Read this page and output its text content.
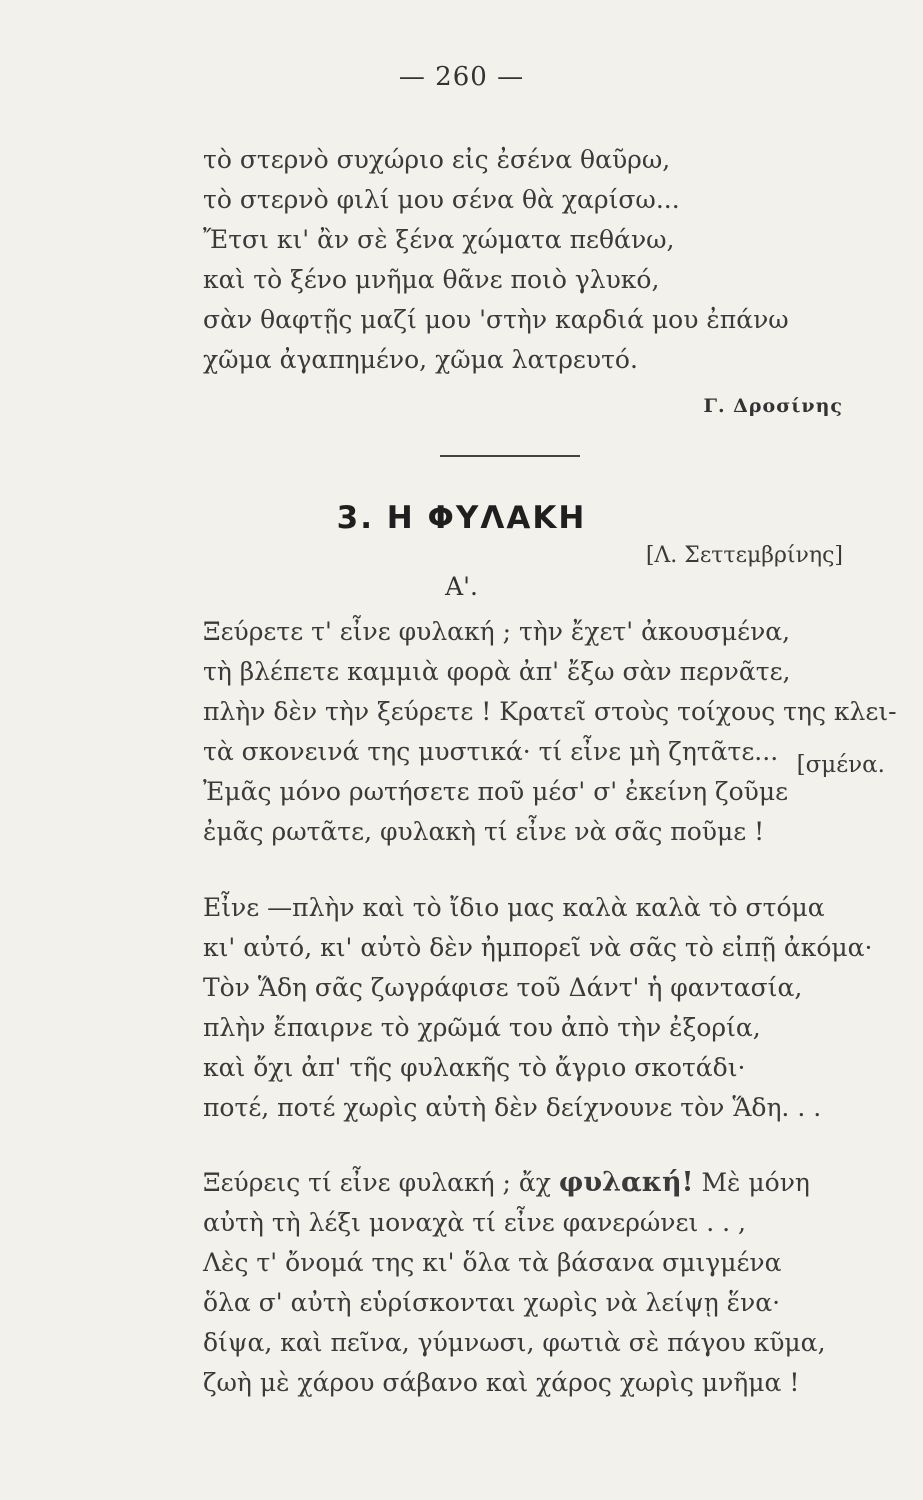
— 260 —
τὸ στερνὸ συχώριο εἰς ἐσένα θαῦρω,
τὸ στερνὸ φιλί μου σένα θὰ χαρίσω...
Ἔτσι κι' ἂν σὲ ξένα χώματα πεθάνω,
καὶ τὸ ξένο μνῆμα θᾶνε ποιὸ γλυκό,
σὰν θαφτῇς μαζί μου 'στὴν καρδιά μου ἐπάνω
χῶμα ἀγαπημένο, χῶμα λατρευτό.
Γ. Δροσίνης
3. Η ΦΥΛΑΚΗ
[Λ. Σεττεμβρίνης]
Α'.
Ξεύρετε τ' εἶνε φυλακή ; τὴν ἔχετ' ἀκουσμένα,
τὴ βλέπετε καμμιὰ φορὰ ἀπ' ἔξω σὰν περνᾶτε,
πλὴν δὲν τὴν ξεύρετε ! Κρατεῖ στοὺς τοίχους της κλει-
τὰ σκονεινά της μυστικά· τί εἶνε μὴ ζητᾶτε...
Ἐμᾶς μόνο ρωτήσετε ποῦ μέσ' σ' ἐκείνη ζοῦμε
ἐμᾶς ρωτᾶτε, φυλακὴ τί εἶνε νὰ σᾶς ποῦμε !
[σμένα.
Εἶνε —πλὴν καὶ τὸ ἴδιο μας καλὰ καλὰ τὸ στόμα
κι' αὐτό, κι' αὐτὸ δὲν ἠμπορεῖ νὰ σᾶς τὸ εἰπῇ ἀκόμα·
Τὸν Ἅδη σᾶς ζωγράφισε τοῦ Δάντ' ἡ φαντασία,
πλὴν ἔπαιρνε τὸ χρῶμά του ἀπὸ τὴν ἐξορία,
καὶ ὄχι ἀπ' τῆς φυλακῆς τὸ ἄγριο σκοτάδι·
ποτέ, ποτέ χωρὶς αὐτὴ δὲν δείχνουνε τὸν Ἅδη. . .
Ξεύρεις τί εἶνε φυλακή ; ἄχ φυλακή! Μὲ μόνη
αὐτὴ τὴ λέξι μοναχὰ τί εἶνε φανερώνει . . ,
Λὲς τ' ὄνομά της κι' ὅλα τὰ βάσανα σμιγμένα
ὅλα σ' αὐτὴ εὑρίσκονται χωρὶς νὰ λείψῃ ἕνα·
δίψα, καὶ πεῖνα, γύμνωσι, φωτιὰ σὲ πάγου κῦμα,
ζωὴ μὲ χάρου σάβανο καὶ χάρος χωρὶς μνῆμα !
